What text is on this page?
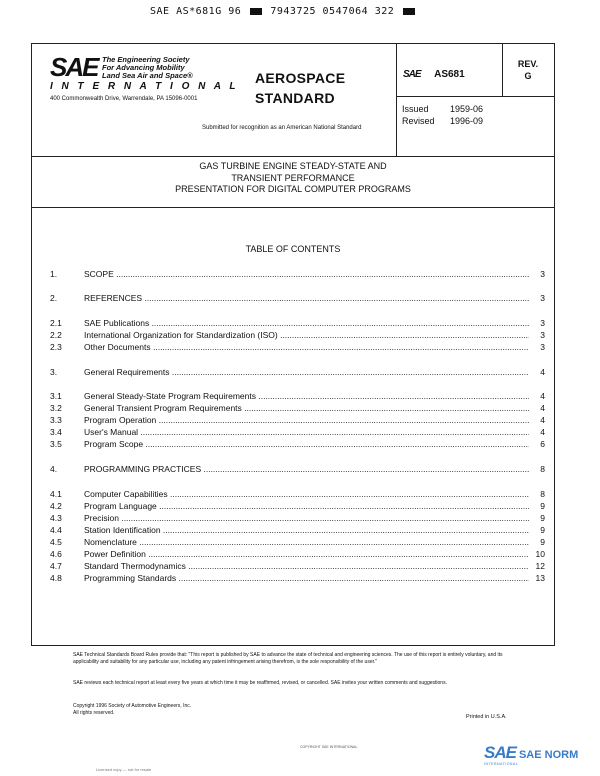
SAE AS*681G 96	7943725 0547064 322
SAE The Engineering Society
For Advancing Mobility
Land Sea Air and Space®
I N T E R N A T I O N A L
400 Commonwealth Drive, Warrendale, PA 15096-0001
AEROSPACE
STANDARD
Submitted for recognition as an American National Standard
SAE AS681
REV.
G
Issued 1959-06
Revised 1996-09
GAS TURBINE ENGINE STEADY-STATE AND
TRANSIENT PERFORMANCE
PRESENTATION FOR DIGITAL COMPUTER PROGRAMS
TABLE OF CONTENTS
1.	SCOPE .....	3
2.	REFERENCES .....	3
2.1	SAE Publications .....	3
2.2	International Organization for Standardization (ISO) .....	3
2.3	Other Documents .....	3
3.	General Requirements .....	4
3.1	General Steady-State Program Requirements .....	4
3.2	General Transient Program Requirements .....	4
3.3	Program Operation .....	4
3.4	User's Manual .....	4
3.5	Program Scope .....	6
4.	PROGRAMMING PRACTICES .....	8
4.1	Computer Capabilities .....	8
4.2	Program Language .....	9
4.3	Precision .....	9
4.4	Station Identification .....	9
4.5	Nomenclature .....	9
4.6	Power Definition .....	10
4.7	Standard Thermodynamics .....	12
4.8	Programming Standards .....	13
SAE Technical Standards Board Rules provide that: "This report is published by SAE to advance the state of technical and engineering sciences. The use of this report is entirely voluntary, and its applicability and suitability for any particular use, including any patent infringement arising therefrom, is the sole responsibility of the user."
SAE reviews each technical report at least every five years at which time it may be reaffirmed, revised, or cancelled. SAE invites your written comments and suggestions.
Copyright 1996 Society of Automotive Engineers, Inc.
All rights reserved.
Printed in U.S.A.
COPYRIGHT SAE INTERNATIONAL	SAE SAE NORM
INTERNATIONAL
Licensed copy — not for resale
